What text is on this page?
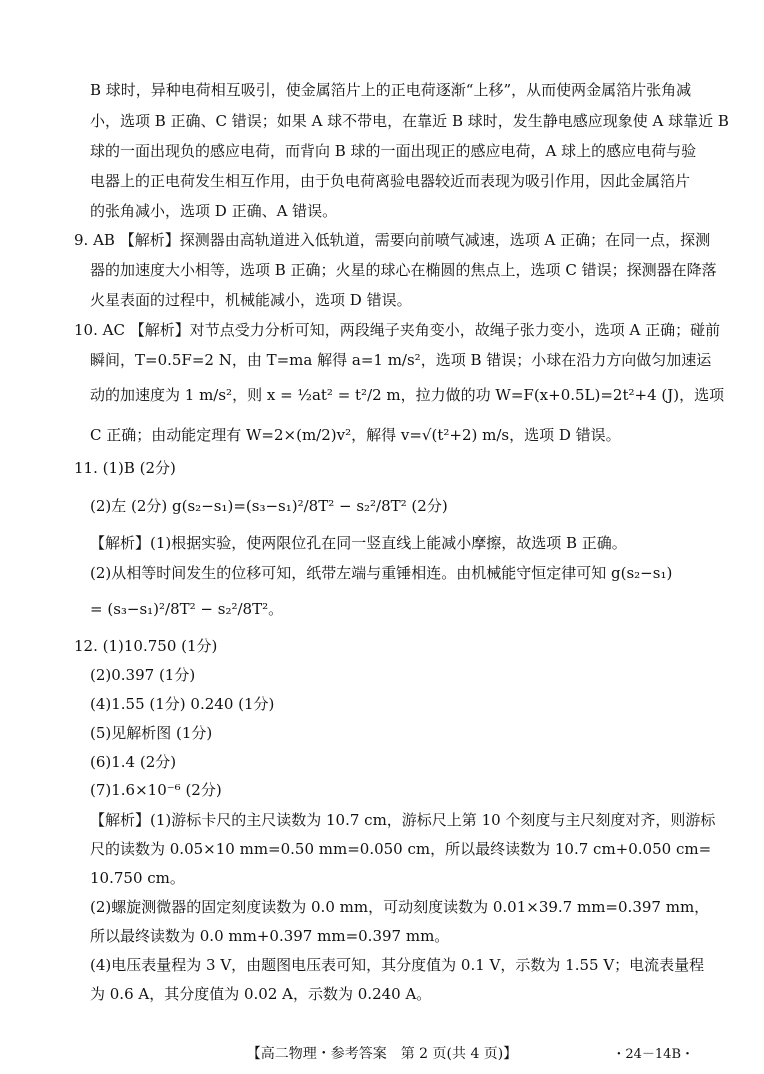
B 球时，异种电荷相互吸引，使金属箔片上的正电荷逐渐“上移”，从而使两金属箔片张角减
小，选项 B 正确、C 错误；如果 A 球不带电，在靠近 B 球时，发生静电感应现象使 A 球靠近 B
球的一面出现负的感应电荷，而背向 B 球的一面出现正的感应电荷，A 球上的感应电荷与验
电器上的正电荷发生相互作用，由于负电荷离验电器较近而表现为吸引作用，因此金属箔片
的张角减小，选项 D 正确、A 错误。
9. AB 【解析】探测器由高轨道进入低轨道，需要向前喷气减速，选项 A 正确；在同一点，探测
器的加速度大小相等，选项 B 正确；火星的球心在椭圆的焦点上，选项 C 错误；探测器在降落
火星表面的过程中，机械能减小，选项 D 错误。
10. AC 【解析】对节点受力分析可知，两段绳子夹角变小，故绳子张力变小，选项 A 正确；碰前
瞬间，T=0.5F=2 N，由 T=ma 解得 a=1 m/s²，选项 B 错误；小球在沿力方向做匀加速运
动的加速度为 1 m/s²，则 x = ½at² = t²/2 m，拉力做的功 W=F(x+0.5L)=2t²+4 (J)，选项
C 正确；由动能定理有 W=2×(m/2)v²，解得 v=√(t²+2) m/s，选项 D 错误。
11. (1)B (2分)
(2)左 (2分) g(s₂−s₁)=(s₃−s₁)²/8T² − s₂²/8T² (2分)
【解析】(1)根据实验，使两限位孔在同一竖直线上能减小摩擦，故选项 B 正确。
(2)从相等时间发生的位移可知，纸带左端与重锤相连。由机械能守恒定律可知 g(s₂−s₁)
= (s₃−s₁)²/8T² − s₂²/8T²。
12. (1)10.750 (1分)
(2)0.397 (1分)
(4)1.55 (1分) 0.240 (1分)
(5)见解析图 (1分)
(6)1.4 (2分)
(7)1.6×10⁻⁶ (2分)
【解析】(1)游标卡尺的主尺读数为 10.7 cm，游标尺上第 10 个刻度与主尺刻度对齐，则游标
尺的读数为 0.05×10 mm=0.50 mm=0.050 cm，所以最终读数为 10.7 cm+0.050 cm=
10.750 cm。
(2)螺旋测微器的固定刻度读数为 0.0 mm，可动刻度读数为 0.01×39.7 mm=0.397 mm，
所以最终读数为 0.0 mm+0.397 mm=0.397 mm。
(4)电压表量程为 3 V，由题图电压表可知，其分度值为 0.1 V，示数为 1.55 V；电流表量程
为 0.6 A，其分度值为 0.02 A，示数为 0.240 A。
【高二物理・参考答案　第 2 页(共 4 页)】	・24－14B・
